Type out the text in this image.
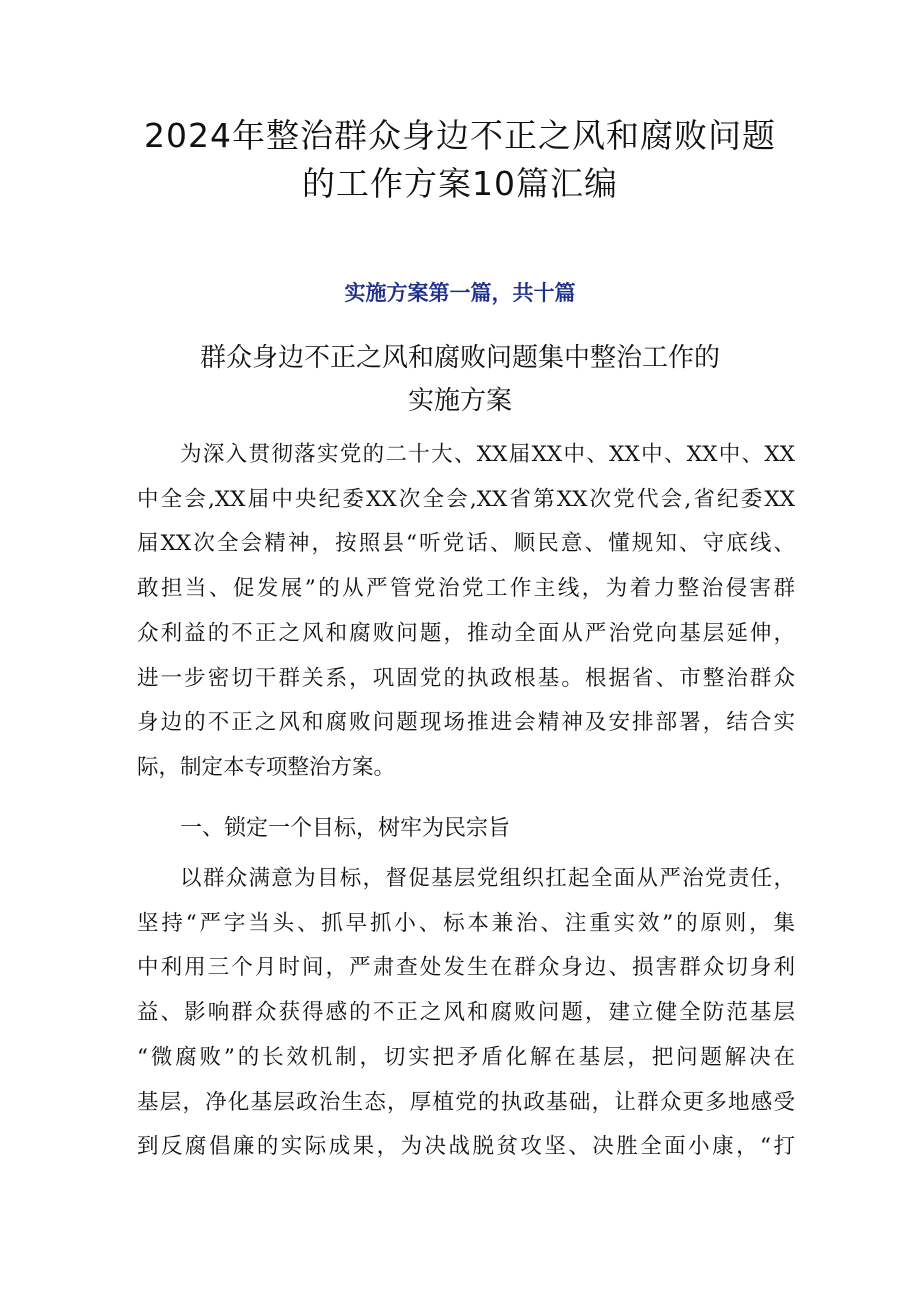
2024年整治群众身边不正之风和腐败问题
的工作方案10篇汇编
实施方案第一篇，共十篇
群众身边不正之风和腐败问题集中整治工作的
实施方案
为深入贯彻落实党的二十大、XX届XX中、XX中、XX中、XX
中全会,XX届中央纪委XX次全会,XX省第XX次党代会,省纪委XX
届XX次全会精神，按照县“听党话、顺民意、懂规知、守底线、
敢担当、促发展”的从严管党治党工作主线，为着力整治侵害群
众利益的不正之风和腐败问题，推动全面从严治党向基层延伸，
进一步密切干群关系，巩固党的执政根基。根据省、市整治群众
身边的不正之风和腐败问题现场推进会精神及安排部署，结合实
际，制定本专项整治方案。
一、锁定一个目标，树牢为民宗旨
以群众满意为目标，督促基层党组织扛起全面从严治党责任，
坚持“严字当头、抓早抓小、标本兼治、注重实效”的原则，集
中利用三个月时间，严肃查处发生在群众身边、损害群众切身利
益、影响群众获得感的不正之风和腐败问题，建立健全防范基层
“微腐败”的长效机制，切实把矛盾化解在基层，把问题解决在
基层，净化基层政治生态，厚植党的执政基础，让群众更多地感受
到反腐倡廉的实际成果，为决战脱贫攻坚、决胜全面小康，“打
